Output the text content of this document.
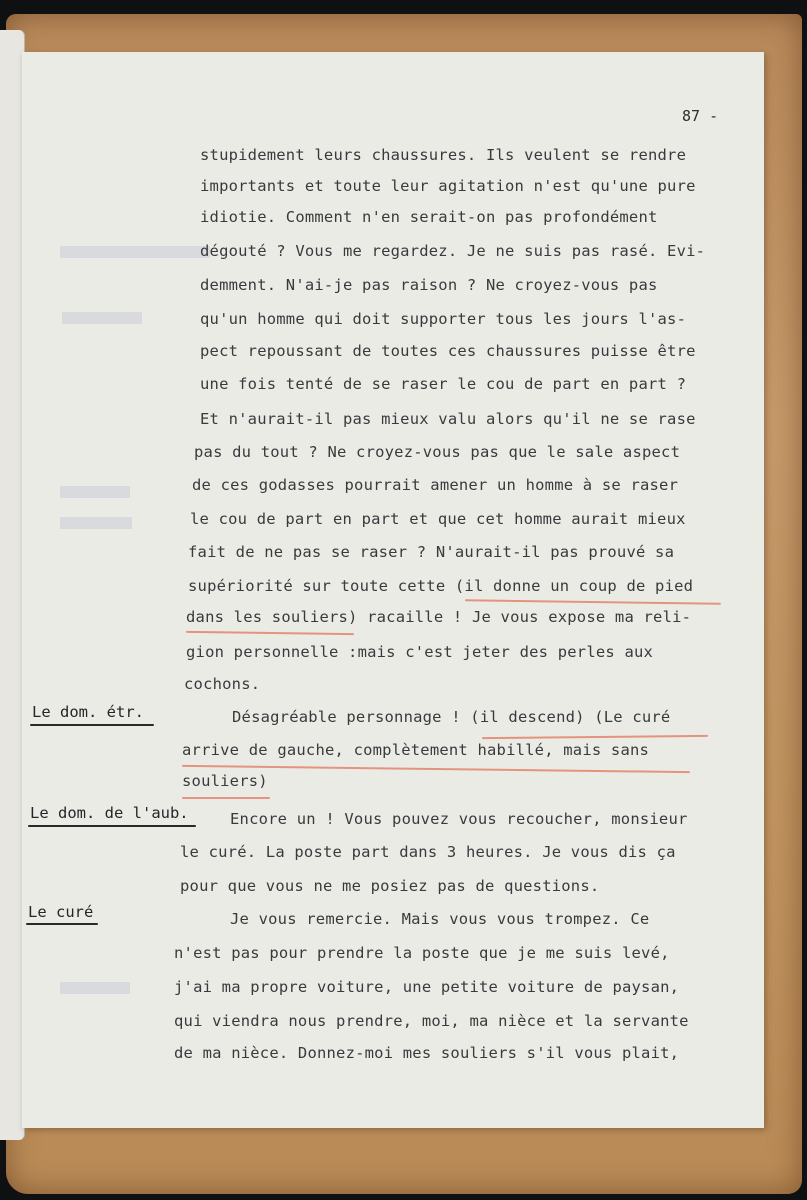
87 -
stupidement leurs chaussures. Ils veulent se rendre
importants et toute leur agitation n'est qu'une pure
idiotie. Comment n'en serait-on pas profondément
dégouté ? Vous me regardez. Je ne suis pas rasé. Evi-
demment. N'ai-je pas raison ? Ne croyez-vous pas
qu'un homme qui doit supporter tous les jours l'as-
pect repoussant de toutes ces chaussures puisse être
une fois tenté de se raser le cou de part en part ?
Et n'aurait-il pas mieux valu alors qu'il ne se rase
pas du tout ? Ne croyez-vous pas que le sale aspect
de ces godasses pourrait amener un homme à se raser
le cou de part en part et que cet homme aurait mieux
fait de ne pas se raser ? N'aurait-il pas prouvé sa
supériorité sur toute cette (il donne un coup de pied
dans les souliers) racaille ! Je vous expose ma reli-
gion personnelle :mais c'est jeter des perles aux
cochons.
Le dom. étr.	Désagréable personnage ! (il descend) (Le curé
arrive de gauche, complètement habillé, mais sans
souliers)
Le dom. de l'aub.	Encore un ! Vous pouvez vous recoucher, monsieur
le curé. La poste part dans 3 heures. Je vous dis ça
pour que vous ne me posiez pas de questions.
Le curé	Je vous remercie. Mais vous vous trompez. Ce
n'est pas pour prendre la poste que je me suis levé,
j'ai ma propre voiture, une petite voiture de paysan,
qui viendra nous prendre, moi, ma nièce et la servante
de ma nièce. Donnez-moi mes souliers s'il vous plait,
